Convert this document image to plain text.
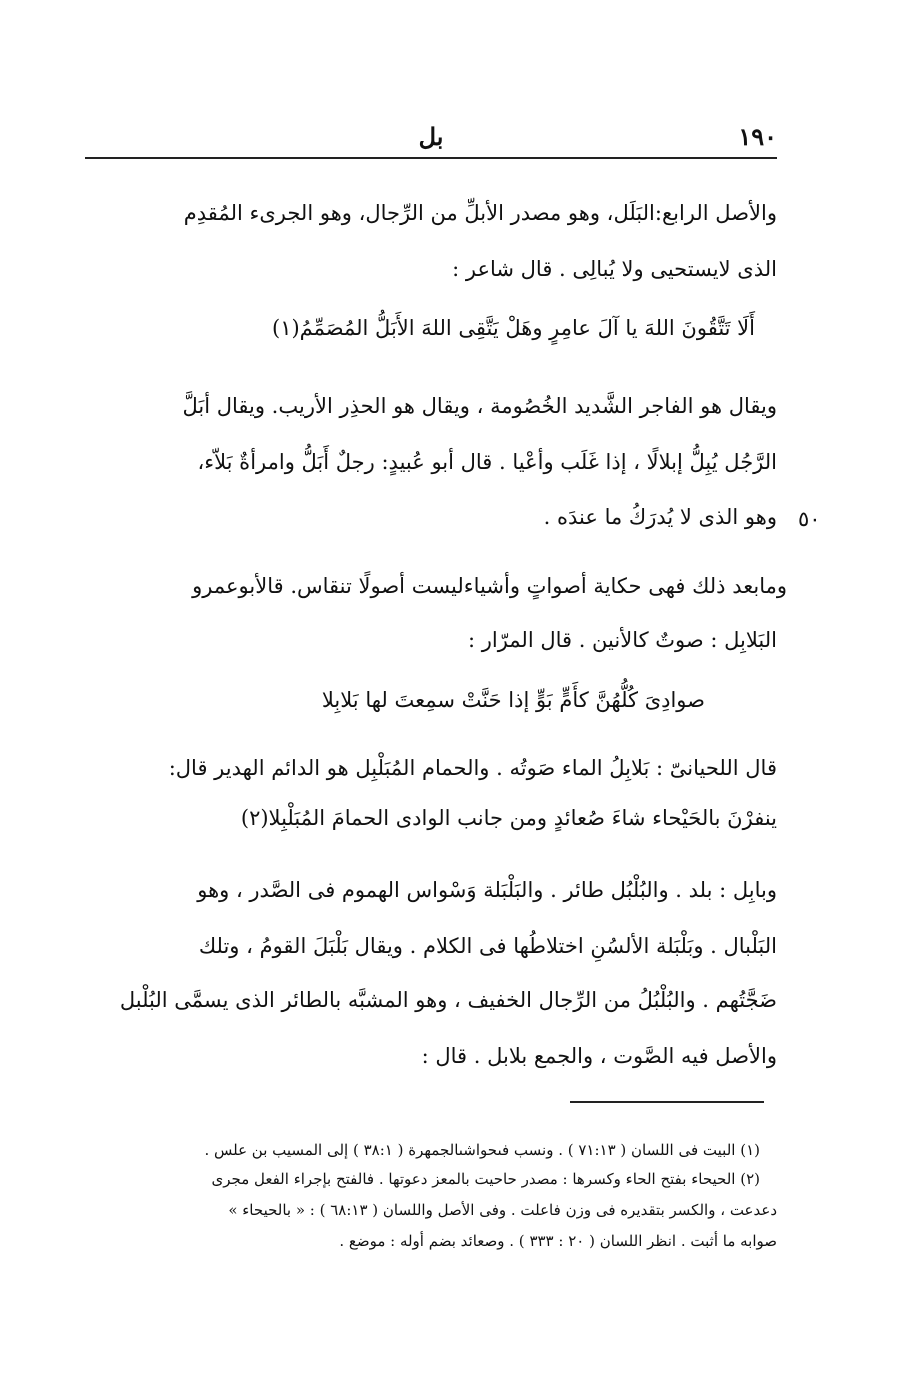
١٩٠
بل
والأصل الرابع:البَلَل، وهو مصدر الأبلِّ من الرِّجال، وهو الجرىء المُقدِم
الذى لايستحيى ولا يُبالِى . قال شاعر :
أَلَا تَتَّقُونَ اللهَ يا آلَ عامِرٍ وهَلْ يَتَّقِى اللهَ الأَبَلُّ المُصَمِّمُ(١)
ويقال هو الفاجر الشَّديد الخُصُومة ، ويقال هو الحذِر الأريب. ويقال أبَلَّ
الرَّجُل يُبِلُّ إبلالًا ، إذا غَلَب وأعْيا . قال أبو عُبيدٍ: رجلٌ أَبَلُّ وامرأةٌ بَلاّء،
وهو الذى لا يُدرَكُ ما عندَه . ٥٠
ومابعد ذلك فهى حكاية أصواتٍ وأشياءليست أصولًا تنقاس. قالأبوعمرو
البَلابِل : صوتٌ كالأنين . قال المرّار :
صوادِىَ كُلُّهُنَّ كأَمٍّ بَوٍّ إذا حَنَّتْ سمِعتَ لها بَلابِلا
قال اللحيانىّ : بَلابِلُ الماء صَوتُه . والحمام المُبَلْبِل هو الدائم الهدير قال:
ينفرْنَ بالحَيْحاء شاءَ صُعائدٍ ومن جانب الوادى الحمامَ المُبَلْبِلا(٢)
وبابِل : بلد . والبُلْبُل طائر . والبَلْبَلة وَسْواس الهموم فى الصَّدر ، وهو
البَلْبال . وبَلْبَلة الألسُنِ اختلاطُها فى الكلام . ويقال بَلْبَلَ القومُ ، وتلك
ضَجَّتُهم . والبُلْبُلُ من الرِّجال الخفيف ، وهو المشبَّه بالطائر الذى يسمَّى البُلْبل
والأصل فيه الصَّوت ، والجمع بلابل . قال :
(١) البيت فى اللسان ( ٧١:١٣ ) . ونسب فىحواشىالجمهرة ( ٣٨:١ ) إلى المسيب بن علس .
(٢) الحيحاء بفتح الحاء وكسرها : مصدر حاحيت بالمعز دعوتها . فالفتح بإجراء الفعل مجرى
دعدعت ، والكسر بتقديره فى وزن فاعلت . وفى الأصل واللسان ( ٦٨:١٣ ) : « بالحيحاء »
صوابه ما أثبت . انظر اللسان ( ٢٠ : ٣٣٣ ) . وصعائد بضم أوله : موضع .
